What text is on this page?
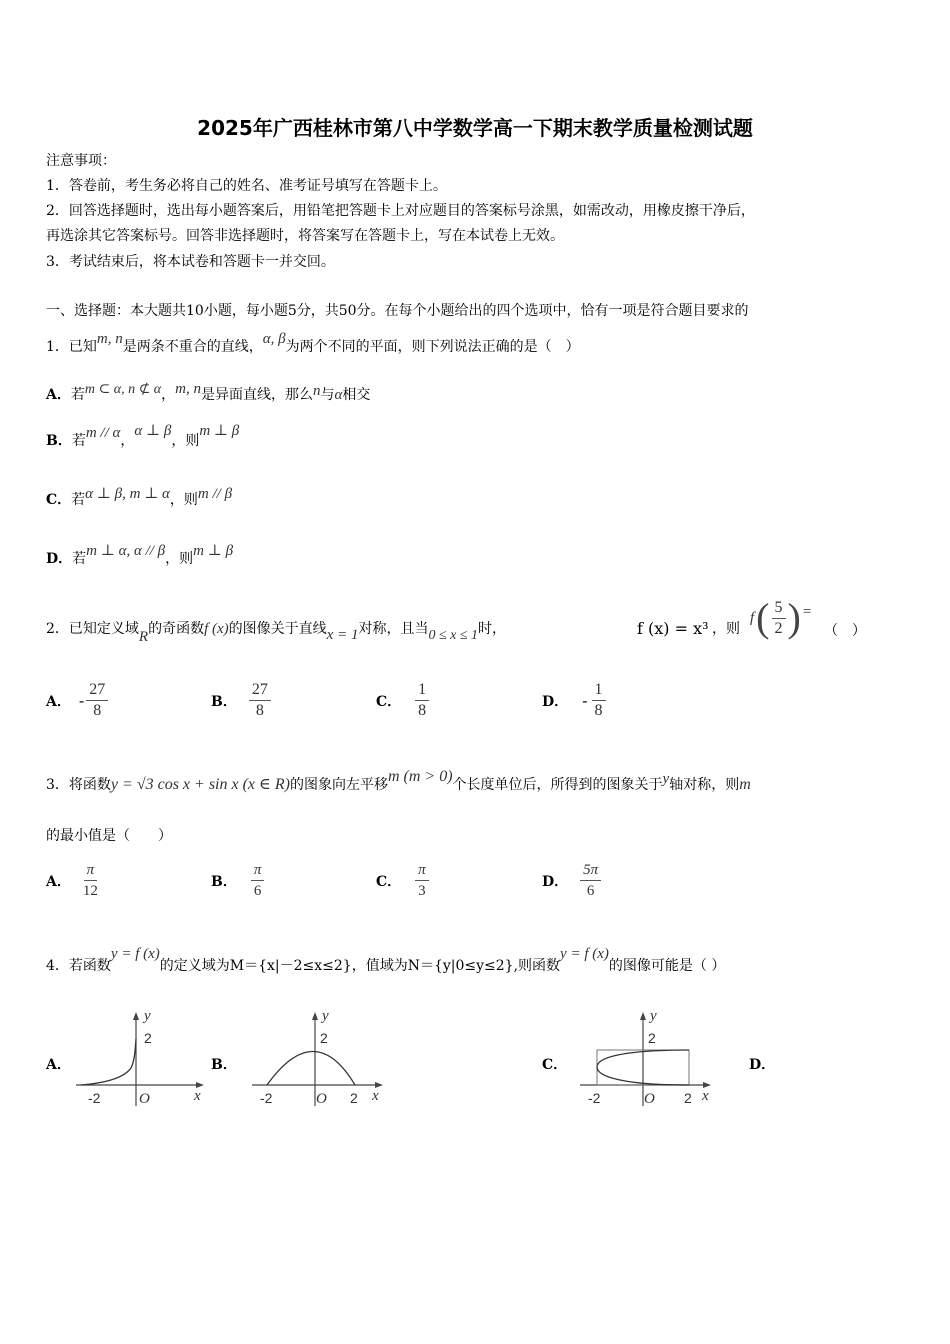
2025年广西桂林市第八中学数学高一下期末教学质量检测试题
注意事项：
1．答卷前，考生务必将自己的姓名、准考证号填写在答题卡上。
2．回答选择题时，选出每小题答案后，用铅笔把答题卡上对应题目的答案标号涂黑，如需改动，用橡皮擦干净后，
再选涂其它答案标号。回答非选择题时，将答案写在答题卡上，写在本试卷上无效。
3．考试结束后，将本试卷和答题卡一并交回。
一、选择题：本大题共10小题，每小题5分，共50分。在每个小题给出的四个选项中，恰有一项是符合题目要求的
1．已知m, n是两条不重合的直线，α, β为两个不同的平面，则下列说法正确的是（　）
A．若m ⊂ α, n ⊄ α，m, n是异面直线，那么n与α相交
B．若m // α，α ⊥ β，则m ⊥ β
C．若α ⊥ β, m ⊥ α，则m // β
D．若m ⊥ α, α // β，则m ⊥ β
2．已知定义域R的奇函数f (x)的图像关于直线x = 1对称，且当0 ≤ x ≤ 1时，	f (x) = x³ ，则
f ( $\frac{5}{2}$ ) =
（　）
A． - $\frac{27}{8}$	B． $\frac{27}{8}$	C． $\frac{1}{8}$	D． - $\frac{1}{8}$
3．将函数y = √3 cos x + sin x (x ∈ R)的图象向左平移m (m > 0)个长度单位后，所得到的图象关于y轴对称，则m
的最小值是（　　）
A． $\frac{\pi}{12}$	B． $\frac{\pi}{6}$	C． $\frac{\pi}{3}$	D． $\frac{5\pi}{6}$
4．若函数y = f (x)的定义域为M＝{x|－2≤x≤2}，值域为N＝{y|0≤y≤2},则函数y = f (x)的图像可能是（ ）
A．	B．	C．	D．
y
2
-2	O	x
y
2
-2	O 2 x
y
2
-2	O 2 x
